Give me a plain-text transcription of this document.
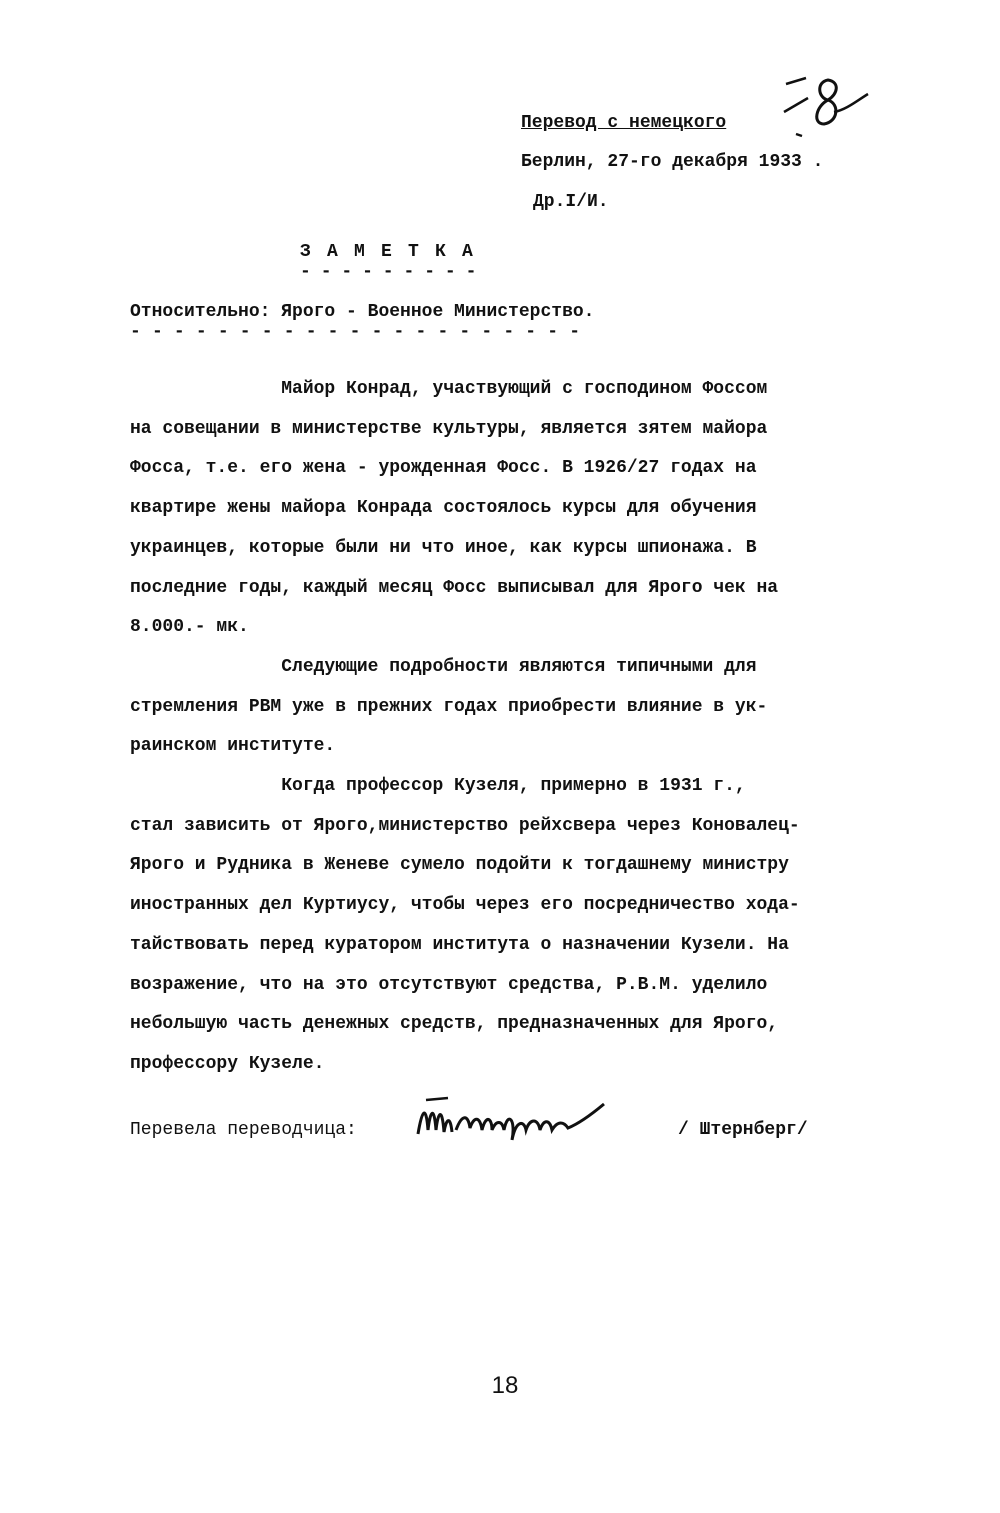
Перевод с немецкого
Берлин, 27-го декабря 1933 .
Др.I/И.
ЗАМЕТКА
---------
Относительно: Ярого - Военное Министерство.
---------------------

Майор Конрад, участвующий с господином Фоссом

на совещании в министерстве культуры, является зятем майора

Фосса, т.е. его жена - урожденная Фосс. В 1926/27 годах на

квартире жены майора Конрада состоялось курсы для обучения

украинцев, которые были ни что иное, как курсы шпионажа. В

последние годы, каждый месяц Фосс выписывал для Ярого чек на

8.000.- мк.

Следующие подробности являются типичными для

стремления РВМ уже в прежних годах приобрести влияние в ук-

раинском институте.

Когда профессор Кузеля, примерно в 1931 г.,

стал зависить от Ярого,министерство рейхсвера через Коновалец-

Ярого и Рудника в Женеве сумело подойти к тогдашнему министру

иностранных дел Куртиусу, чтобы через его посредничество хода-

тайствовать перед куратором института о назначении Кузели. На

возражение, что на это отсутствуют средства, Р.В.М. уделило

небольшую часть денежных средств, предназначенных для Ярого,

профессору Кузеле.

Перевела переводчица:	/ Штернберг/
18
